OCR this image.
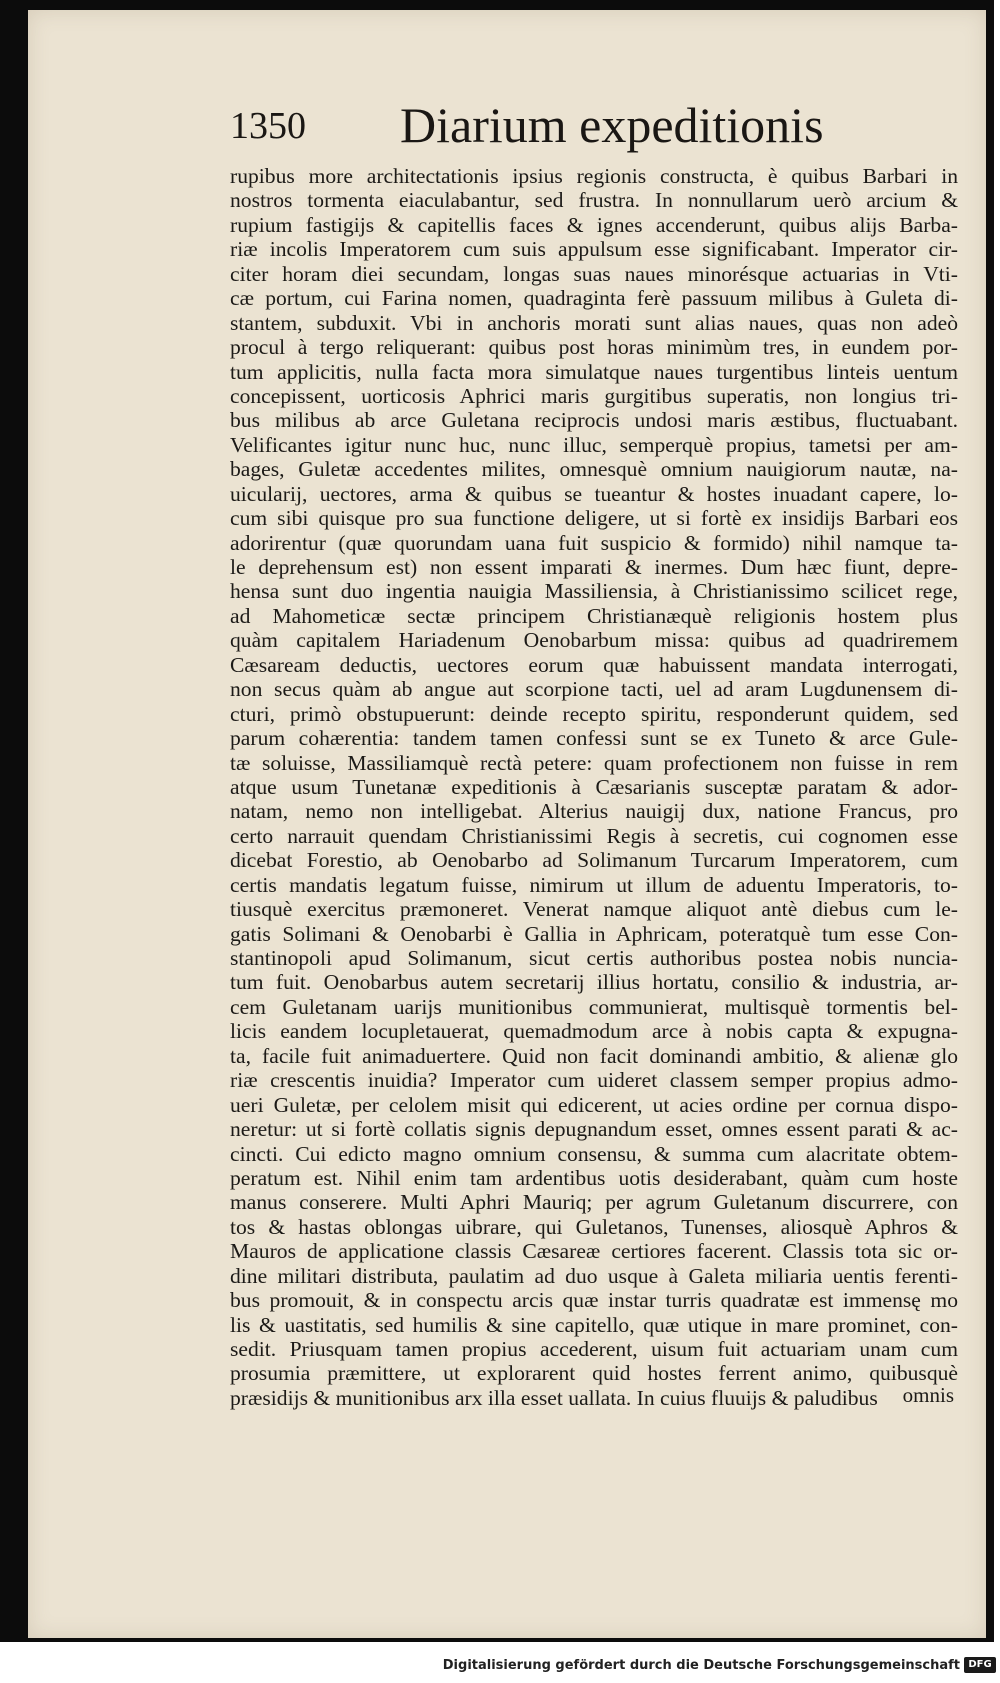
1350 Diarium expeditionis
rupibus more architectationis ipsius regionis constructa, è quibus Barbari in
nostros tormenta eiaculabantur, sed frustra. In nonnullarum uerò arcium &
rupium fastigijs & capitellis faces & ignes accenderunt, quibus alijs Barba-
riæ incolis Imperatorem cum suis appulsum esse significabant. Imperator cir-
citer horam diei secundam, longas suas naues minorésque actuarias in Vti-
cæ portum, cui Farina nomen, quadraginta ferè passuum milibus à Guleta di-
stantem, subduxit. Vbi in anchoris morati sunt alias naues, quas non adeò
procul à tergo reliquerant: quibus post horas minimùm tres, in eundem por-
tum applicitis, nulla facta mora simulatque naues turgentibus linteis uentum
concepissent, uorticosis Aphrici maris gurgitibus superatis, non longius tri-
bus milibus ab arce Guletana reciprocis undosi maris æstibus, fluctuabant.
Velificantes igitur nunc huc, nunc illuc, semperquè propius, tametsi per am-
bages, Guletæ accedentes milites, omnesquè omnium nauigiorum nautæ, na-
uicularij, uectores, arma & quibus se tueantur & hostes inuadant capere, lo-
cum sibi quisque pro sua functione deligere, ut si fortè ex insidijs Barbari eos
adorirentur (quæ quorundam uana fuit suspicio & formido) nihil namque ta-
le deprehensum est) non essent imparati & inermes. Dum hæc fiunt, depre-
hensa sunt duo ingentia nauigia Massiliensia, à Christianissimo scilicet rege,
ad Mahometicæ sectæ principem Christianæquè religionis hostem plus
quàm capitalem Hariadenum Oenobarbum missa: quibus ad quadriremem
Cæsaream deductis, uectores eorum quæ habuissent mandata interrogati,
non secus quàm ab angue aut scorpione tacti, uel ad aram Lugdunensem di-
cturi, primò obstupuerunt: deinde recepto spiritu, responderunt quidem, sed
parum cohærentia: tandem tamen confessi sunt se ex Tuneto & arce Gule-
tæ soluisse, Massiliamquè rectà petere: quam profectionem non fuisse in rem
atque usum Tunetanæ expeditionis à Cæsarianis susceptæ paratam & ador-
natam, nemo non intelligebat. Alterius nauigij dux, natione Francus, pro
certo narrauit quendam Christianissimi Regis à secretis, cui cognomen esse
dicebat Forestio, ab Oenobarbo ad Solimanum Turcarum Imperatorem, cum
certis mandatis legatum fuisse, nimirum ut illum de aduentu Imperatoris, to-
tiusquè exercitus præmoneret. Venerat namque aliquot antè diebus cum le-
gatis Solimani & Oenobarbi è Gallia in Aphricam, poteratquè tum esse Con-
stantinopoli apud Solimanum, sicut certis authoribus postea nobis nuncia-
tum fuit. Oenobarbus autem secretarij illius hortatu, consilio & industria, ar-
cem Guletanam uarijs munitionibus communierat, multisquè tormentis bel-
licis eandem locupletauerat, quemadmodum arce à nobis capta & expugna-
ta, facile fuit animaduertere. Quid non facit dominandi ambitio, & alienæ glo
riæ crescentis inuidia? Imperator cum uideret classem semper propius admo-
ueri Guletæ, per celolem misit qui edicerent, ut acies ordine per cornua dispo-
neretur: ut si fortè collatis signis depugnandum esset, omnes essent parati & ac-
cincti. Cui edicto magno omnium consensu, & summa cum alacritate obtem-
peratum est. Nihil enim tam ardentibus uotis desiderabant, quàm cum hoste
manus conserere. Multi Aphri Mauriq; per agrum Guletanum discurrere, con
tos & hastas oblongas uibrare, qui Guletanos, Tunenses, aliosquè Aphros &
Mauros de applicatione classis Cæsareæ certiores facerent. Classis tota sic or-
dine militari distributa, paulatim ad duo usque à Galeta miliaria uentis ferenti-
bus promouit, & in conspectu arcis quæ instar turris quadratæ est immensę mo
lis & uastitatis, sed humilis & sine capitello, quæ utique in mare prominet, con-
sedit. Priusquam tamen propius accederent, uisum fuit actuariam unam cum
prosumia præmittere, ut explorarent quid hostes ferrent animo, quibusquè
præsidijs & munitionibus arx illa esset uallata. In cuius fluuijs & paludibus	omnis
Digitalisierung gefördert durch die Deutsche Forschungsgemeinschaft DFG
